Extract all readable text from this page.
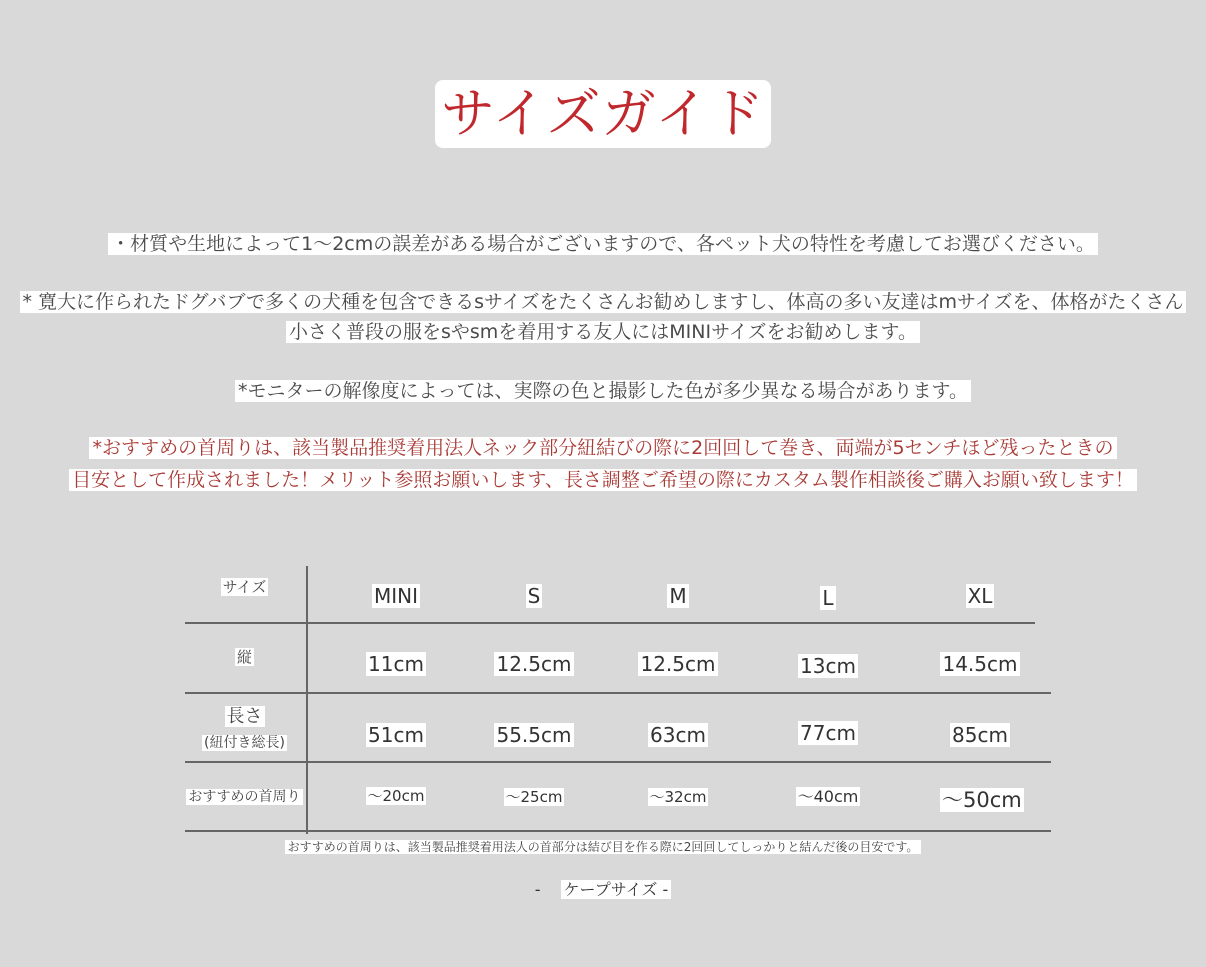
サイズガイド
・材質や生地によって1〜2cmの誤差がある場合がございますので、各ペット犬の特性を考慮してお選びください。
* 寛大に作られたドグバブで多くの犬種を包含できるsサイズをたくさんお勧めしますし、体高の多い友達はmサイズを、体格がたくさん
小さく普段の服をsやsmを着用する友人にはMINIサイズをお勧めします。
*モニターの解像度によっては、実際の色と撮影した色が多少異なる場合があります。
*おすすめの首周りは、該当製品推奨着用法人ネック部分紐結びの際に2回回して巻き、両端が5センチほど残ったときの
目安として作成されました！メリット参照お願いします、長さ調整ご希望の際にカスタム製作相談後ご購入お願い致します！
サイズ	MINI	S	M	L	XL
縦	11cm	12.5cm	12.5cm	13cm	14.5cm
長さ
(紐付き総長)	51cm	55.5cm	63cm	77cm	85cm
おすすめの首周り	〜20cm	〜25cm	〜32cm	〜40cm	〜50cm
おすすめの首周りは、該当製品推奨着用法人の首部分は結び目を作る際に2回回してしっかりと結んだ後の目安です。
- ケープサイズ -
